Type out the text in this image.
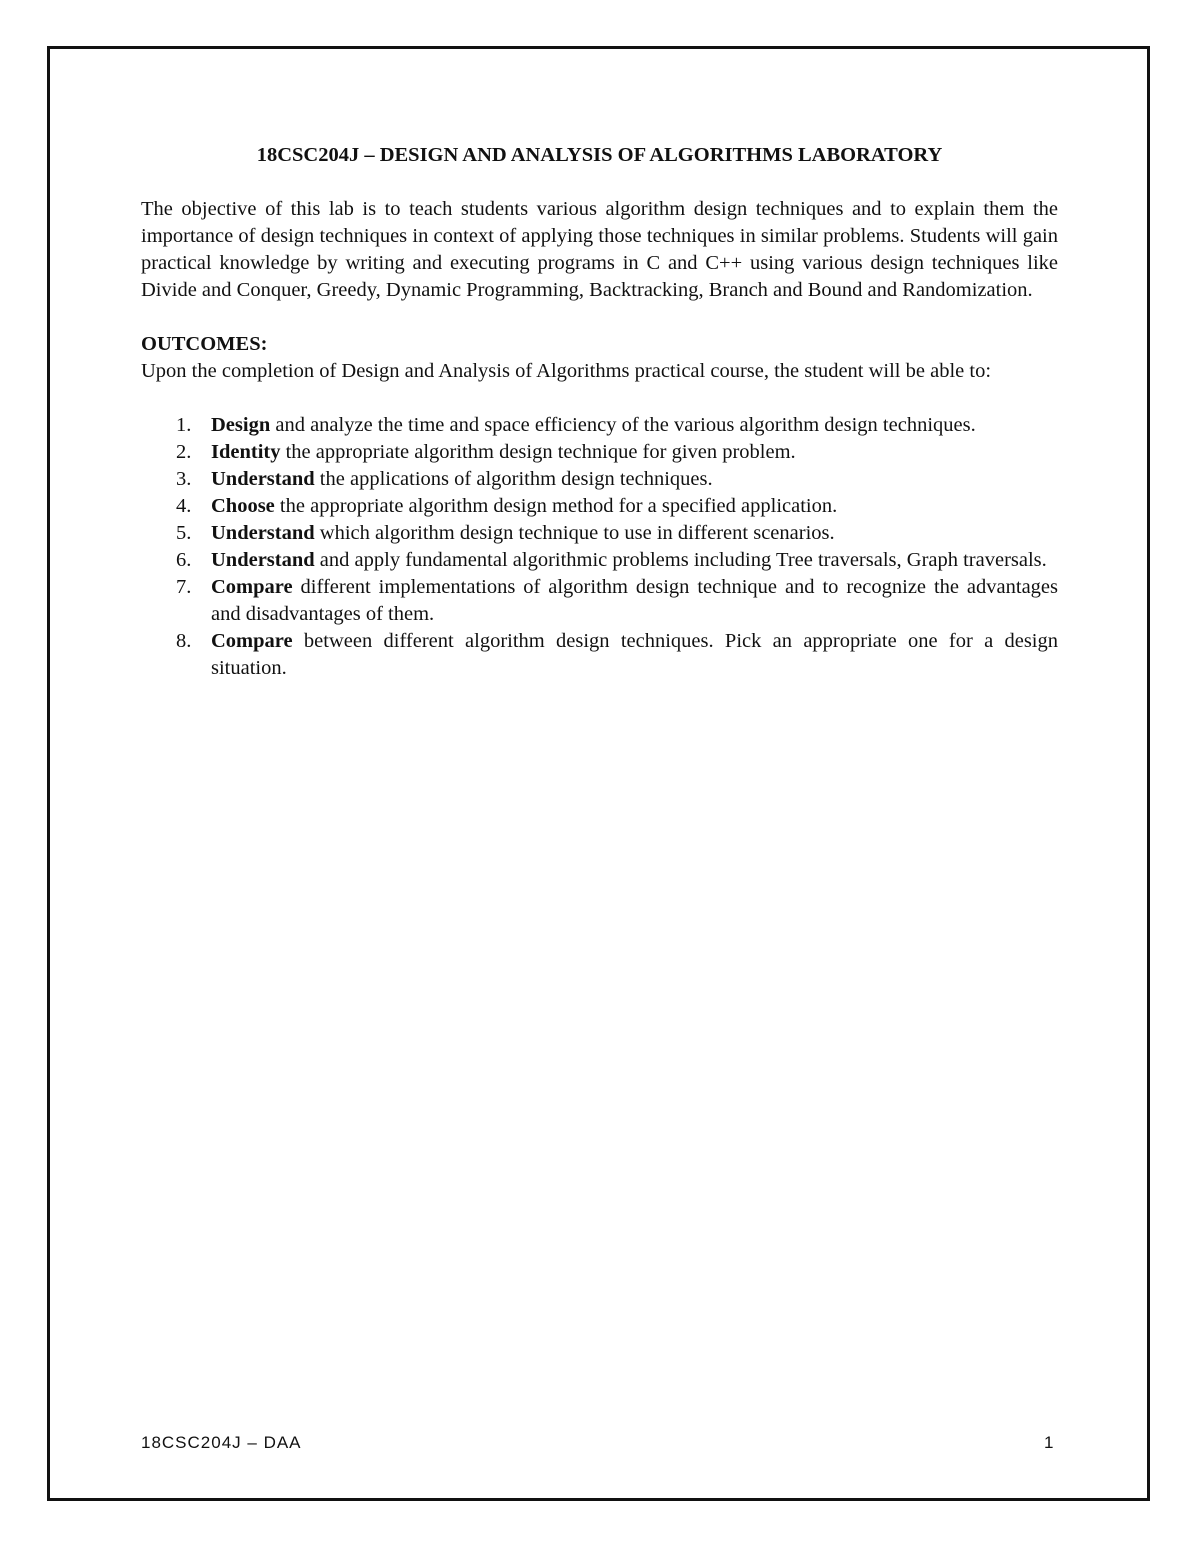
18CSC204J – DESIGN AND ANALYSIS OF ALGORITHMS LABORATORY

The objective of this lab is to teach students various algorithm design techniques and to explain them the importance of design techniques in context of applying those techniques in similar problems. Students will gain practical knowledge by writing and executing programs in C and C++ using various design techniques like Divide and Conquer, Greedy, Dynamic Programming, Backtracking, Branch and Bound and Randomization.

OUTCOMES:

Upon the completion of Design and Analysis of Algorithms practical course, the student will be able to:

1. Design and analyze the time and space efficiency of the various algorithm design techniques.
2. Identity the appropriate algorithm design technique for given problem.
3. Understand the applications of algorithm design techniques.
4. Choose the appropriate algorithm design method for a specified application.
5. Understand which algorithm design technique to use in different scenarios.
6. Understand and apply fundamental algorithmic problems including Tree traversals, Graph traversals.
7. Compare different implementations of algorithm design technique and to recognize the advantages and disadvantages of them.
8. Compare between different algorithm design techniques. Pick an appropriate one for a design situation.
18CSC204J – DAA	1
